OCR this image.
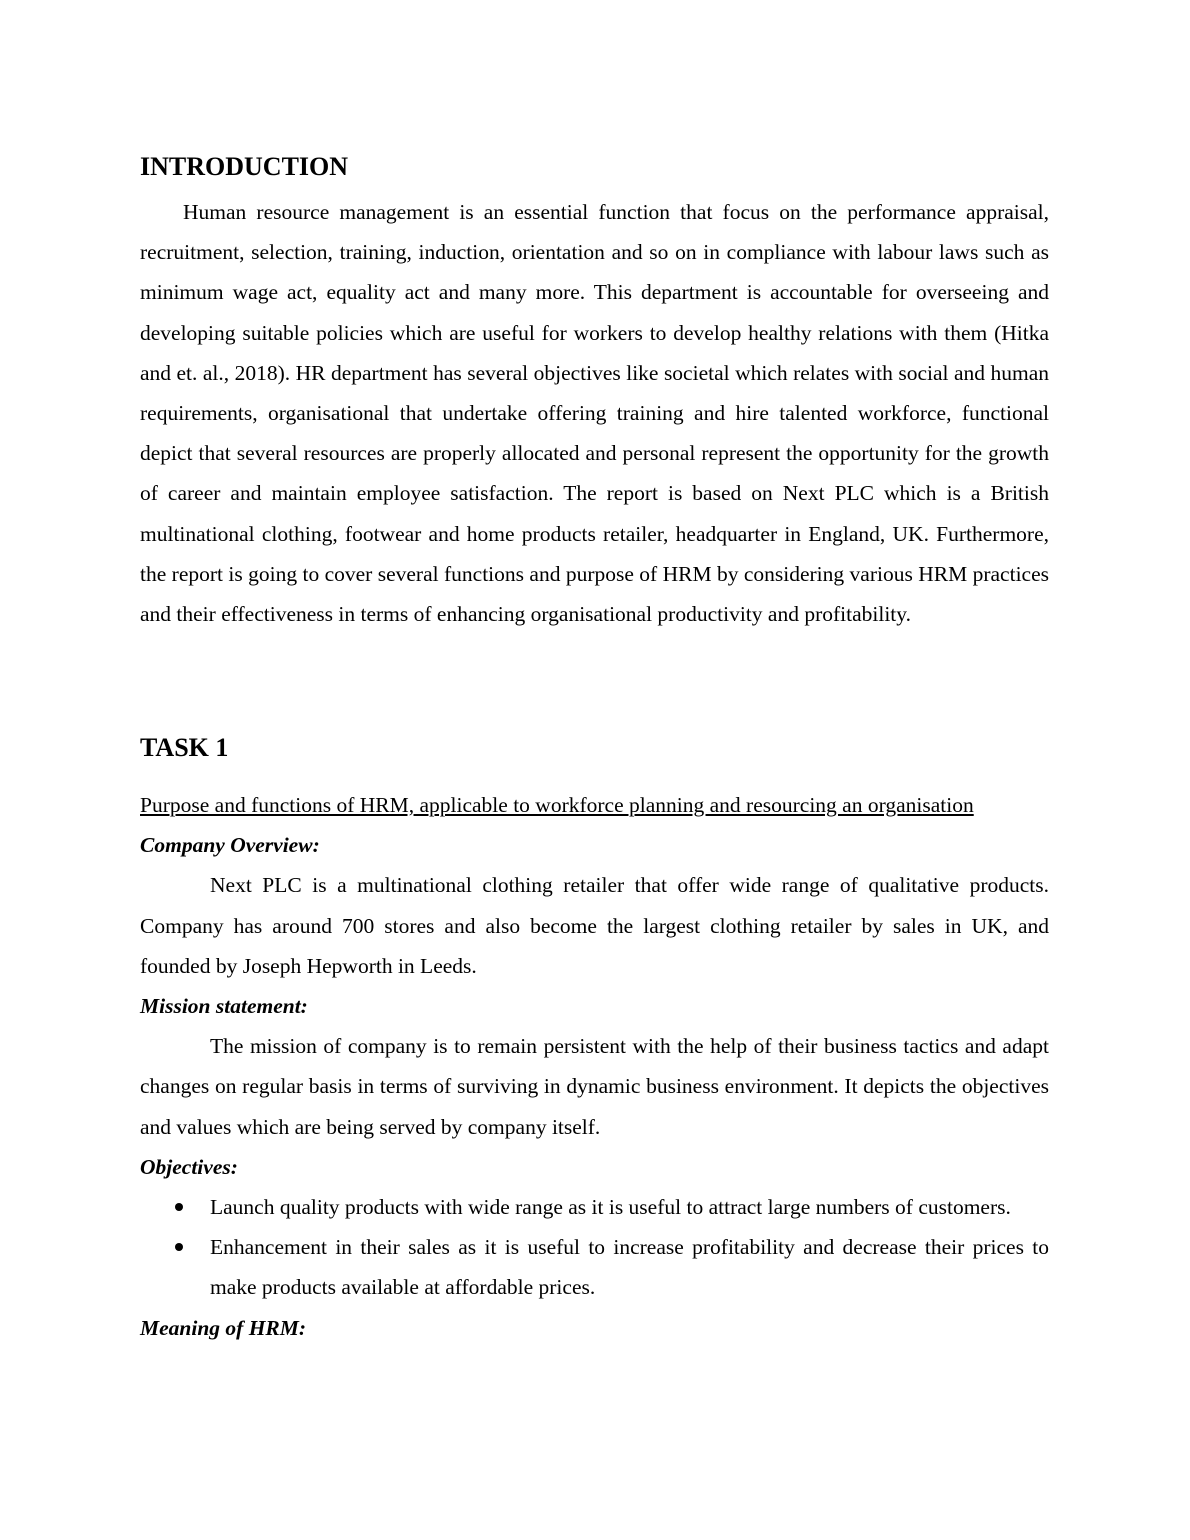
INTRODUCTION

Human resource management is an essential function that focus on the performance appraisal, recruitment, selection, training, induction, orientation and so on in compliance with labour laws such as minimum wage act, equality act and many more. This department is accountable for overseeing and developing suitable policies which are useful for workers to develop healthy relations with them (Hitka and et. al., 2018). HR department has several objectives like societal which relates with social and human requirements, organisational that undertake offering training and hire talented workforce, functional depict that several resources are properly allocated and personal represent the opportunity for the growth of career and maintain employee satisfaction. The report is based on Next PLC which is a British multinational clothing, footwear and home products retailer, headquarter in England, UK. Furthermore, the report is going to cover several functions and purpose of HRM by considering various HRM practices and their effectiveness in terms of enhancing organisational productivity and profitability.

TASK 1

Purpose and functions of HRM, applicable to workforce planning and resourcing an organisation

Company Overview:

Next PLC is a multinational clothing retailer that offer wide range of qualitative products. Company has around 700 stores and also become the largest clothing retailer by sales in UK, and founded by Joseph Hepworth in Leeds.

Mission statement:

The mission of company is to remain persistent with the help of their business tactics and adapt changes on regular basis in terms of surviving in dynamic business environment. It depicts the objectives and values which are being served by company itself.

Objectives:

Launch quality products with wide range as it is useful to attract large numbers of customers.
Enhancement in their sales as it is useful to increase profitability and decrease their prices to make products available at affordable prices.

Meaning of HRM:
